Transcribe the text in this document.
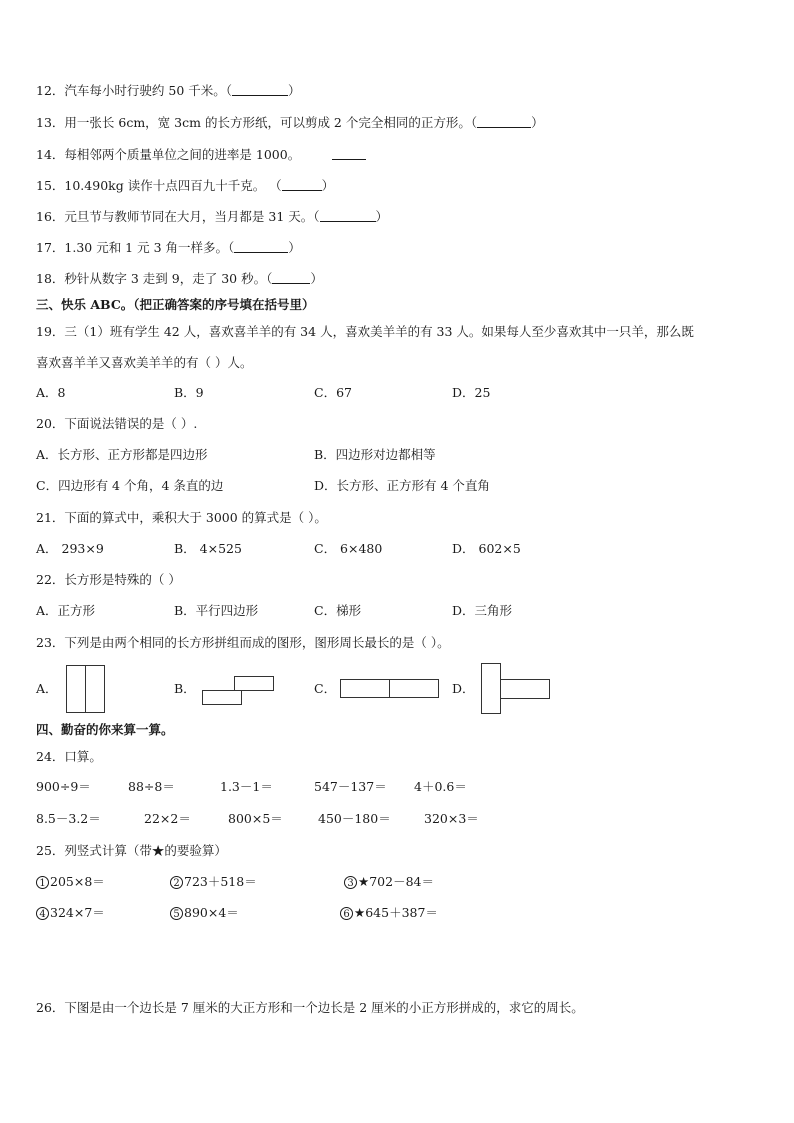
12．汽车每小时行驶约 50 千米。（	）
13．用一张长 6cm，宽 3cm 的长方形纸，可以剪成 2 个完全相同的正方形。（	）
14．每相邻两个质量单位之间的进率是 1000。
15．10.490kg 读作十点四百九十千克。 （	）
16．元旦节与教师节同在大月，当月都是 31 天。（	）
17．1.30 元和 1 元 3 角一样多。（	）
18．秒针从数字 3 走到 9，走了 30 秒。（	）
三、快乐 ABC。（把正确答案的序号填在括号里）
19．三（1）班有学生 42 人，喜欢喜羊羊的有 34 人，喜欢美羊羊的有 33 人。如果每人至少喜欢其中一只羊，那么既
喜欢喜羊羊又喜欢美羊羊的有（ ）人。
A．8	B．9	C．67	D．25
20．下面说法错误的是（ ）.
A．长方形、正方形都是四边形	B．四边形对边都相等
C．四边形有 4 个角，4 条直的边	D．长方形、正方形有 4 个直角
21．下面的算式中，乘积大于 3000 的算式是（ ）。
A． 293×9	B． 4×525	C． 6×480	D． 602×5
22．长方形是特殊的（ ）
A．正方形	B．平行四边形	C．梯形	D．三角形
23．下列是由两个相同的长方形拼组而成的图形，图形周长最长的是（ ）。
A．	B．	C．	D．
四、勤奋的你来算一算。
24．口算。
900÷9＝	88÷8＝	1.3－1＝	547－137＝ 4＋0.6＝
8.5－3.2＝	22×2＝	800×5＝	450－180＝	320×3＝
25．列竖式计算（带★的要验算）
1 205×8＝	2 723＋518＝	3 ★702－84＝
4 324×7＝	5 890×4＝	6 ★645＋387＝
26．下图是由一个边长是 7 厘米的大正方形和一个边长是 2 厘米的小正方形拼成的，求它的周长。
